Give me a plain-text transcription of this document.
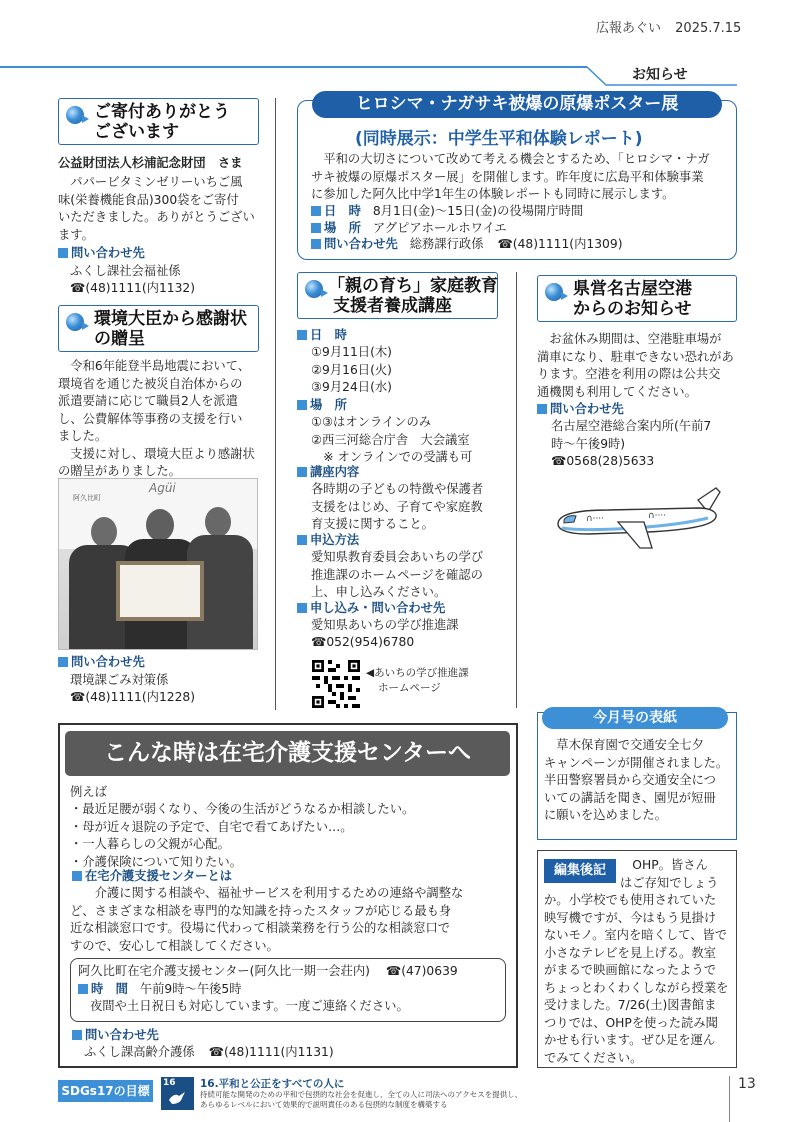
広報あぐい 2025.7.15
お知らせ
ご寄付ありがとう
ございます
公益財団法人杉浦記念財団　さま
　パパービタミンゼリーいちご風
味(栄養機能食品)300袋をご寄付
いただきました。ありがとうござい
ます。
問い合わせ先
ふくし課社会福祉係
☎(48)1111(内1132)
環境大臣から感謝状
の贈呈
　令和6年能登半島地震において、
環境省を通じた被災自治体からの
派遣要請に応じて職員2人を派遣
し、公費解体等事務の支援を行い
ました。
　支援に対し、環境大臣より感謝状
の贈呈がありました。
阿久比町
Agüi
問い合わせ先
環境課ごみ対策係
☎(48)1111(内1228)
ヒロシマ・ナガサキ被爆の原爆ポスター展
(同時展示：中学生平和体験レポート)
　平和の大切さについて改めて考える機会とするため、「ヒロシマ・ナガ
サキ被爆の原爆ポスター展」を開催します。昨年度に広島平和体験事業
に参加した阿久比中学1年生の体験レポートも同時に展示します。
日　時 8月1日(金)～15日(金)の役場開庁時間
場　所 アグピアホールホワイエ
問い合わせ先 総務課行政係 ☎(48)1111(内1309)
「親の育ち」家庭教育
支援者養成講座
日　時
①9月11日(木)
②9月16日(火)
③9月24日(水)
場　所
①③はオンラインのみ
②西三河総合庁舎　大会議室
　※ オンラインでの受講も可
講座内容
各時期の子どもの特徴や保護者
支援をはじめ、子育てや家庭教
育支援に関すること。
申込方法
愛知県教育委員会あいちの学び
推進課のホームページを確認の
上、申し込みください。
申し込み・問い合わせ先
愛知県あいちの学び推進課
☎052(954)6780
◀あいちの学び推進課
ホームページ
県営名古屋空港
からのお知らせ
　お盆休み期間は、空港駐車場が
満車になり、駐車できない恐れがあ
ります。空港を利用の際は公共交
通機関も利用してください。
問い合わせ先
名古屋空港総合案内所(午前7
時～午後9時)
☎0568(28)5633
∩····	∩····
今月号の表紙
　草木保育園で交通安全七夕
キャンペーンが開催されました。
半田警察署員から交通安全につ
いての講話を聞き、園児が短冊
に願いを込めました。
編集後記	　OHP。皆さん
はご存知でしょう
か。小学校でも使用されていた
映写機ですが、今はもう見掛け
ないモノ。室内を暗くして、皆で
小さなテレビを見上げる。教室
がまるで映画館になったようで
ちょっとわくわくしながら授業を
受けました。7/26(土)図書館ま
つりでは、OHPを使った読み聞
かせも行います。ぜひ足を運ん
でみてください。
こんな時は在宅介護支援センターへ
例えば
・最近足腰が弱くなり、今後の生活がどうなるか相談したい。
・母が近々退院の予定で、自宅で看てあげたい…。
・一人暮らしの父親が心配。
・介護保険について知りたい。
在宅介護支援センターとは
　　介護に関する相談や、福祉サービスを利用するための連絡や調整な
ど、さまざまな相談を専門的な知識を持ったスタッフが応じる最も身
近な相談窓口です。役場に代わって相談業務を行う公的な相談窓口で
すので、安心して相談してください。
阿久比町在宅介護支援センター(阿久比一期一会荘内) ☎(47)0639
時　間 午前9時～午後5時
夜間や土日祝日も対応しています。一度ご連絡ください。
問い合わせ先
ふくし課高齢介護係 ☎(48)1111(内1131)
SDGs17の目標
16 16.平和と公正をすべての人に
持続可能な開発のための平和で包摂的な社会を促進し、全ての人に司法へのアクセスを提供し、
あらゆるレベルにおいて効果的で説明責任のある包摂的な制度を構築する
13
